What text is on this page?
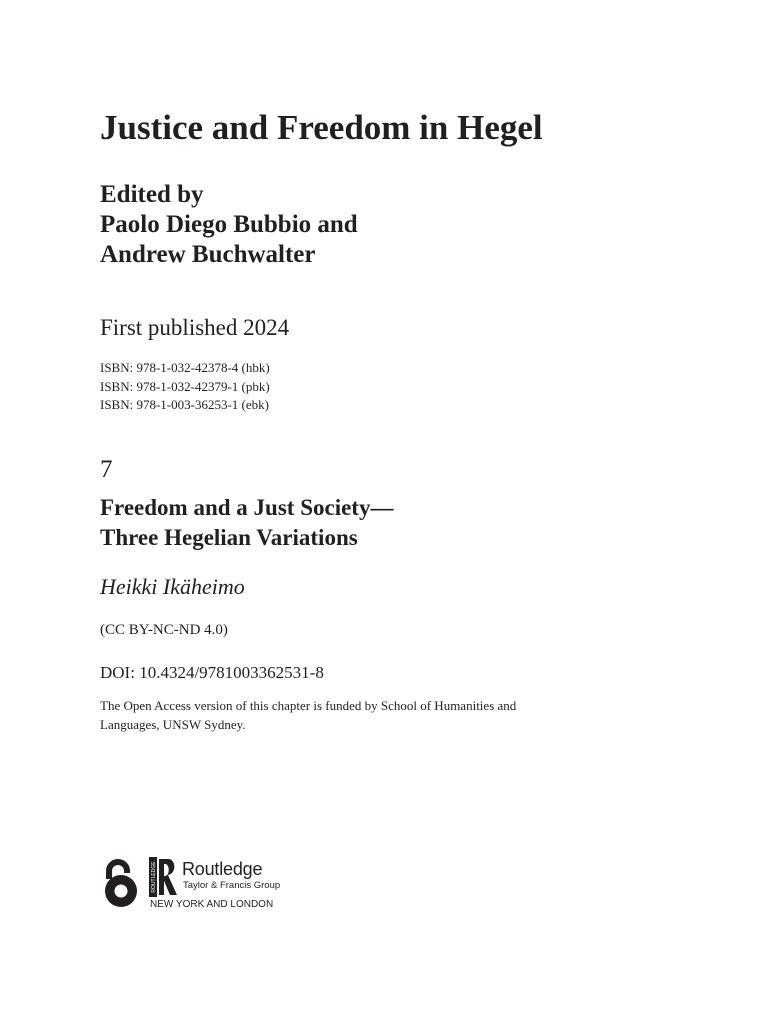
Justice and Freedom in Hegel
Edited by
Paolo Diego Bubbio and
Andrew Buchwalter
First published 2024
ISBN: 978-1-032-42378-4 (hbk)
ISBN: 978-1-032-42379-1 (pbk)
ISBN: 978-1-003-36253-1 (ebk)
7
Freedom and a Just Society—
Three Hegelian Variations
Heikki Ikäheimo
(CC BY-NC-ND 4.0)
DOI: 10.4324/9781003362531-8
The Open Access version of this chapter is funded by School of Humanities and
Languages, UNSW Sydney.
ROUTLEDGE Routledge
Taylor & Francis Group
NEW YORK AND LONDON
